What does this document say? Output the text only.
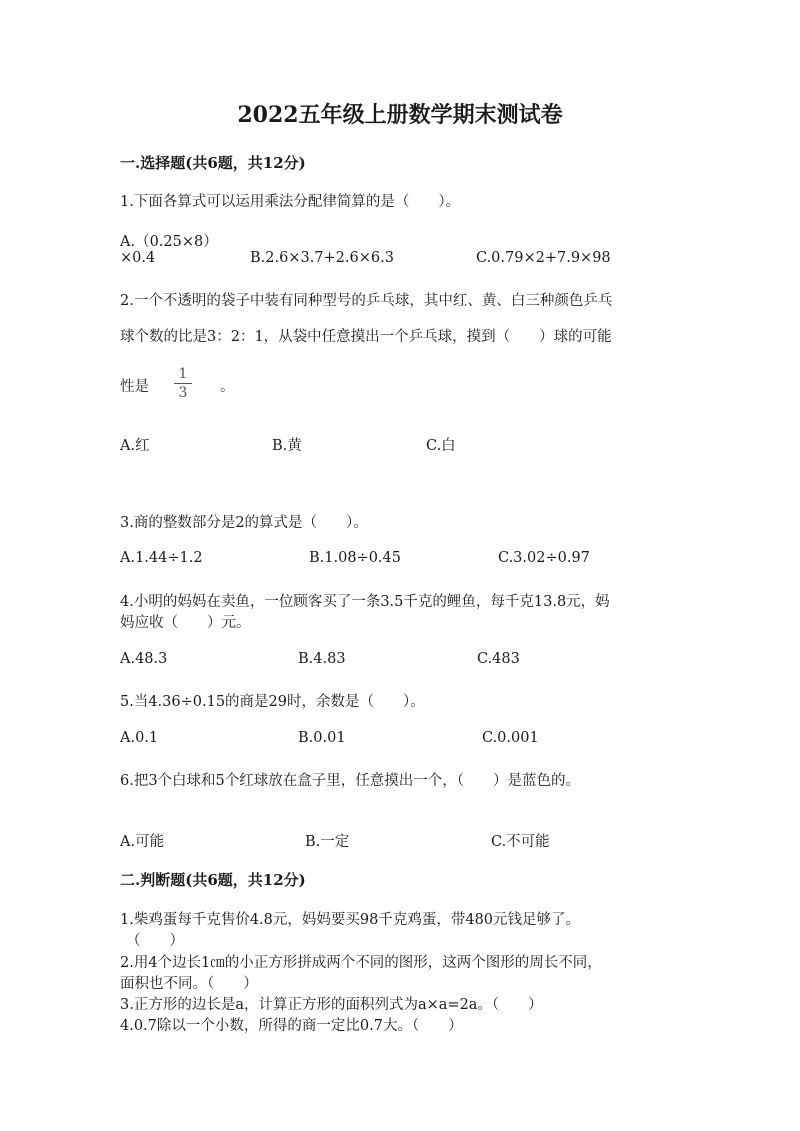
2022五年级上册数学期末测试卷
一.选择题(共6题，共12分)
1.下面各算式可以运用乘法分配律简算的是（　　）。
A.（0.25×8）
×0.4	B.2.6×3.7+2.6×6.3	C.0.79×2+7.9×98
2.一个不透明的袋子中装有同种型号的乒乓球，其中红、黄、白三种颜色乒乓
球个数的比是3：2：1，从袋中任意摸出一个乒乓球，摸到（　　）球的可能
性是
1
3	。
A.红	B.黄	C.白
3.商的整数部分是2的算式是（　　）。
A.1.44÷1.2	B.1.08÷0.45	C.3.02÷0.97
4.小明的妈妈在卖鱼，一位顾客买了一条3.5千克的鲤鱼，每千克13.8元，妈
妈应收（　　）元。
A.48.3	B.4.83	C.483
5.当4.36÷0.15的商是29时，余数是（　　）。
A.0.1	B.0.01	C.0.001
6.把3个白球和5个红球放在盒子里，任意摸出一个，（　　）是蓝色的。
A.可能	B.一定	C.不可能
二.判断题(共6题，共12分)
1.柴鸡蛋每千克售价4.8元，妈妈要买98千克鸡蛋，带480元钱足够了。
（　　）
2.用4个边长1㎝的小正方形拼成两个不同的图形，这两个图形的周长不同，
面积也不同。（　　）
3.正方形的边长是a，计算正方形的面积列式为a×a=2a。（　　）
4.0.7除以一个小数，所得的商一定比0.7大。（　　）
